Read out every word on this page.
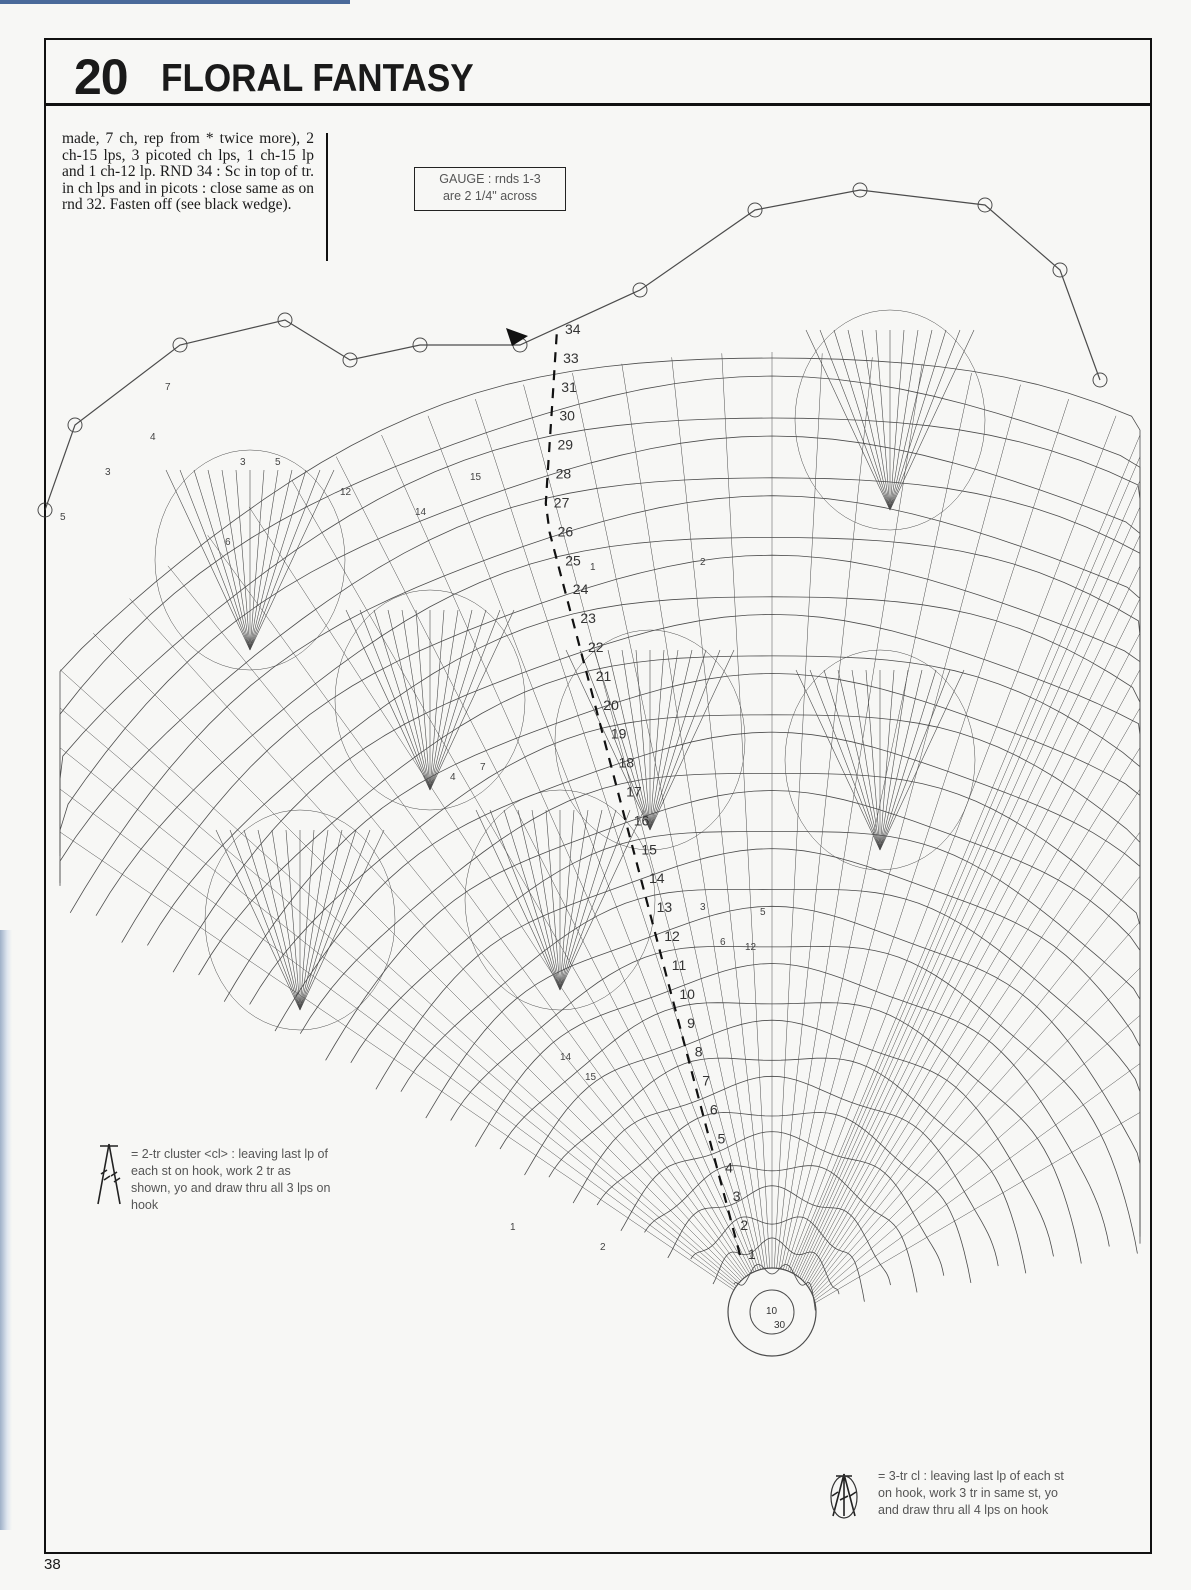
20 FLORAL FANTASY
made, 7 ch, rep from * twice more), 2 ch-15 lps, 3 picoted ch lps, 1 ch-15 lp and 1 ch-12 lp. RND 34 : Sc in top of tr. in ch lps and in picots : close same as on rnd 32. Fasten off (see black wedge).
GAUGE : rnds 1-3
are 2 1/4" across
1
2
3
4
5
6
7
8
9
10
11
12
13
14
15
16
17
18
19
20
21
22
23
24
25
26
27
28
29
30
31
33
34
10
30
3	5
6
12
14
15
1	2
4
7
3	5
6 12
14
15
1
2
4
7
3
5
= 2-tr cluster <cl> : leaving last lp of each st on hook, work 2 tr as shown, yo and draw thru all 3 lps on hook
= 3-tr cl : leaving last lp of each st on hook, work 3 tr in same st, yo and draw thru all 4 lps on hook
38
